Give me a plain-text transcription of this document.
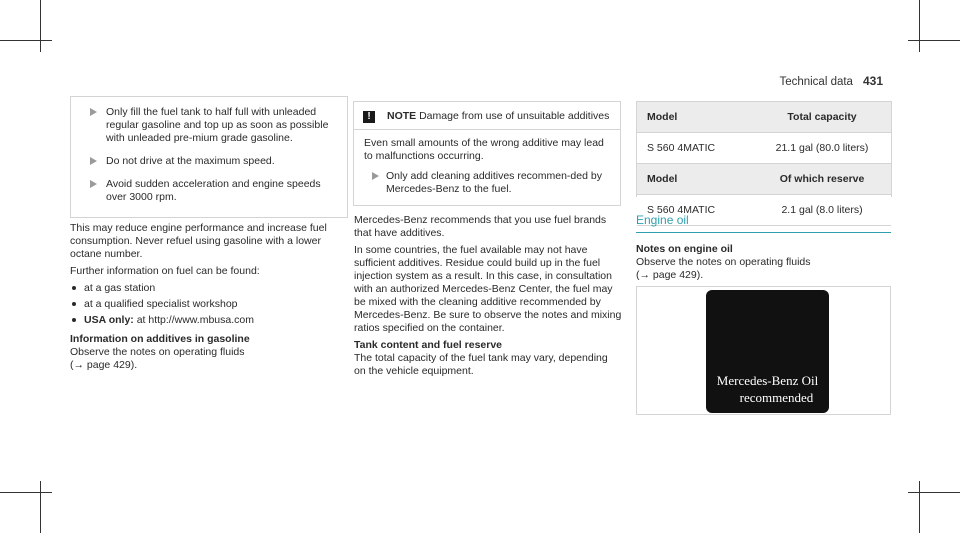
Technical data 431
Only fill the fuel tank to half full with unleaded regular gasoline and top up as soon as possible with unleaded pre-mium grade gasoline.
Do not drive at the maximum speed.
Avoid sudden acceleration and engine speeds over 3000 rpm.

This may reduce engine performance and increase fuel consumption. Never refuel using gasoline with a lower octane number.

Further information on fuel can be found:

at a gas station
at a qualified specialist workshop
USA only: at http://www.mbusa.com
Information on additives in gasoline
Observe the notes on operating fluids
(→ page 429).
!	NOTE Damage from use of unsuitable additives

Even small amounts of the wrong additive may lead to malfunctions occurring.

Only add cleaning additives recommen-ded by Mercedes-Benz to the fuel.

Mercedes-Benz recommends that you use fuel brands that have additives.

In some countries, the fuel available may not have sufficient additives. Residue could build up in the fuel injection system as a result. In this case, in consultation with an authorized Mercedes-Benz Center, the fuel may be mixed with the cleaning additive recommended by Mercedes-Benz. Be sure to observe the notes and mixing ratios specified on the container.

Tank content and fuel reserve
The total capacity of the fuel tank may vary, depending on the vehicle equipment.
Model	Total capacity
S 560 4MATIC	21.1 gal (80.0 liters)
Model	Of which reserve
S 560 4MATIC	2.1 gal (8.0 liters)
Engine oil
Notes on engine oil
Observe the notes on operating fluids
(→ page 429).
Mercedes-Benz Oil
recommended
